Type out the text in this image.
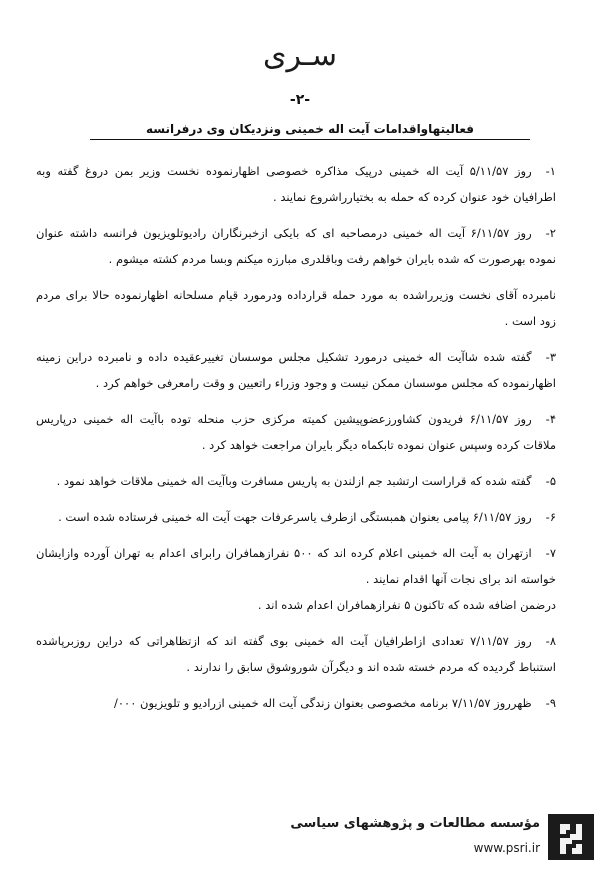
سـری
-۲-
فعالیتهاواقدامات آیت اله خمینی ونزدیکان وی درفرانسه

۱-روز ۵/۱۱/۵۷ آیت اله خمینی درپیک مذاکره خصوصی اظهارنموده نخست وزیر بمن دروغ گفته وبه اطرافیان خود عنوان کرده که حمله به بختیارراشروع نمایند .

۲-روز ۶/۱۱/۵۷ آیت اله خمینی درمصاحبه ای که بایکی ازخبرنگاران رادیوتلویزیون فرانسه داشته عنوان نموده بهرصورت که شده بایران خواهم رفت وباقلدری مبارزه میکنم وبسا مردم کشته میشوم .

نامبرده آقای نخست وزیرراشده به مورد حمله قرارداده ودرمورد قیام مسلحانه اظهارنموده حالا برای مردم زود است .

۳-گفته شده شاآیت اله خمینی درمورد تشکیل مجلس موسسان تغییرعقیده داده و نامبرده دراین زمینه اظهارنموده که مجلس موسسان ممکن نیست و وجود وزراء راتعیین و وقت رامعرفی خواهم کرد .

۴-روز ۶/۱۱/۵۷ فریدون کشاورزعضوپیشین کمیته مرکزی حزب منحله توده باآیت اله خمینی درپاریس ملاقات کرده وسپس عنوان نموده تابکماه دیگر بایران مراجعت خواهد کرد .

۵-گفته شده که قراراست ارتشبد جم ازلندن به پاریس مسافرت وباآیت اله خمینی ملاقات خواهد نمود .

۶-روز ۶/۱۱/۵۷ پیامی بعنوان همبستگی ازطرف یاسرعرفات جهت آیت اله خمینی فرستاده شده است .

۷-ازتهران به آیت اله خمینی اعلام کرده اند که ۵۰۰ نفرازهمافران رابرای اعدام به تهران آورده وازایشان خواسته اند برای نجات آنها اقدام نمایند .

درضمن اضافه شده که تاکنون ۵ نفرازهمافران اعدام شده اند .

۸-روز ۷/۱۱/۵۷ تعدادی ازاطرافیان آیت اله خمینی بوی گفته اند که ازتظاهراتی که دراین روزبرپاشده استنباط گردیده که مردم خسته شده اند و دیگرآن شوروشوق سابق را ندارند .

۹-ظهرروز ۷/۱۱/۵۷ برنامه مخصوصی بعنوان زندگی آیت اله خمینی ازرادیو و تلویزیون ۰۰۰/

مؤسسه مطالعات و پژوهشهای سیاسی
www.psri.ir
